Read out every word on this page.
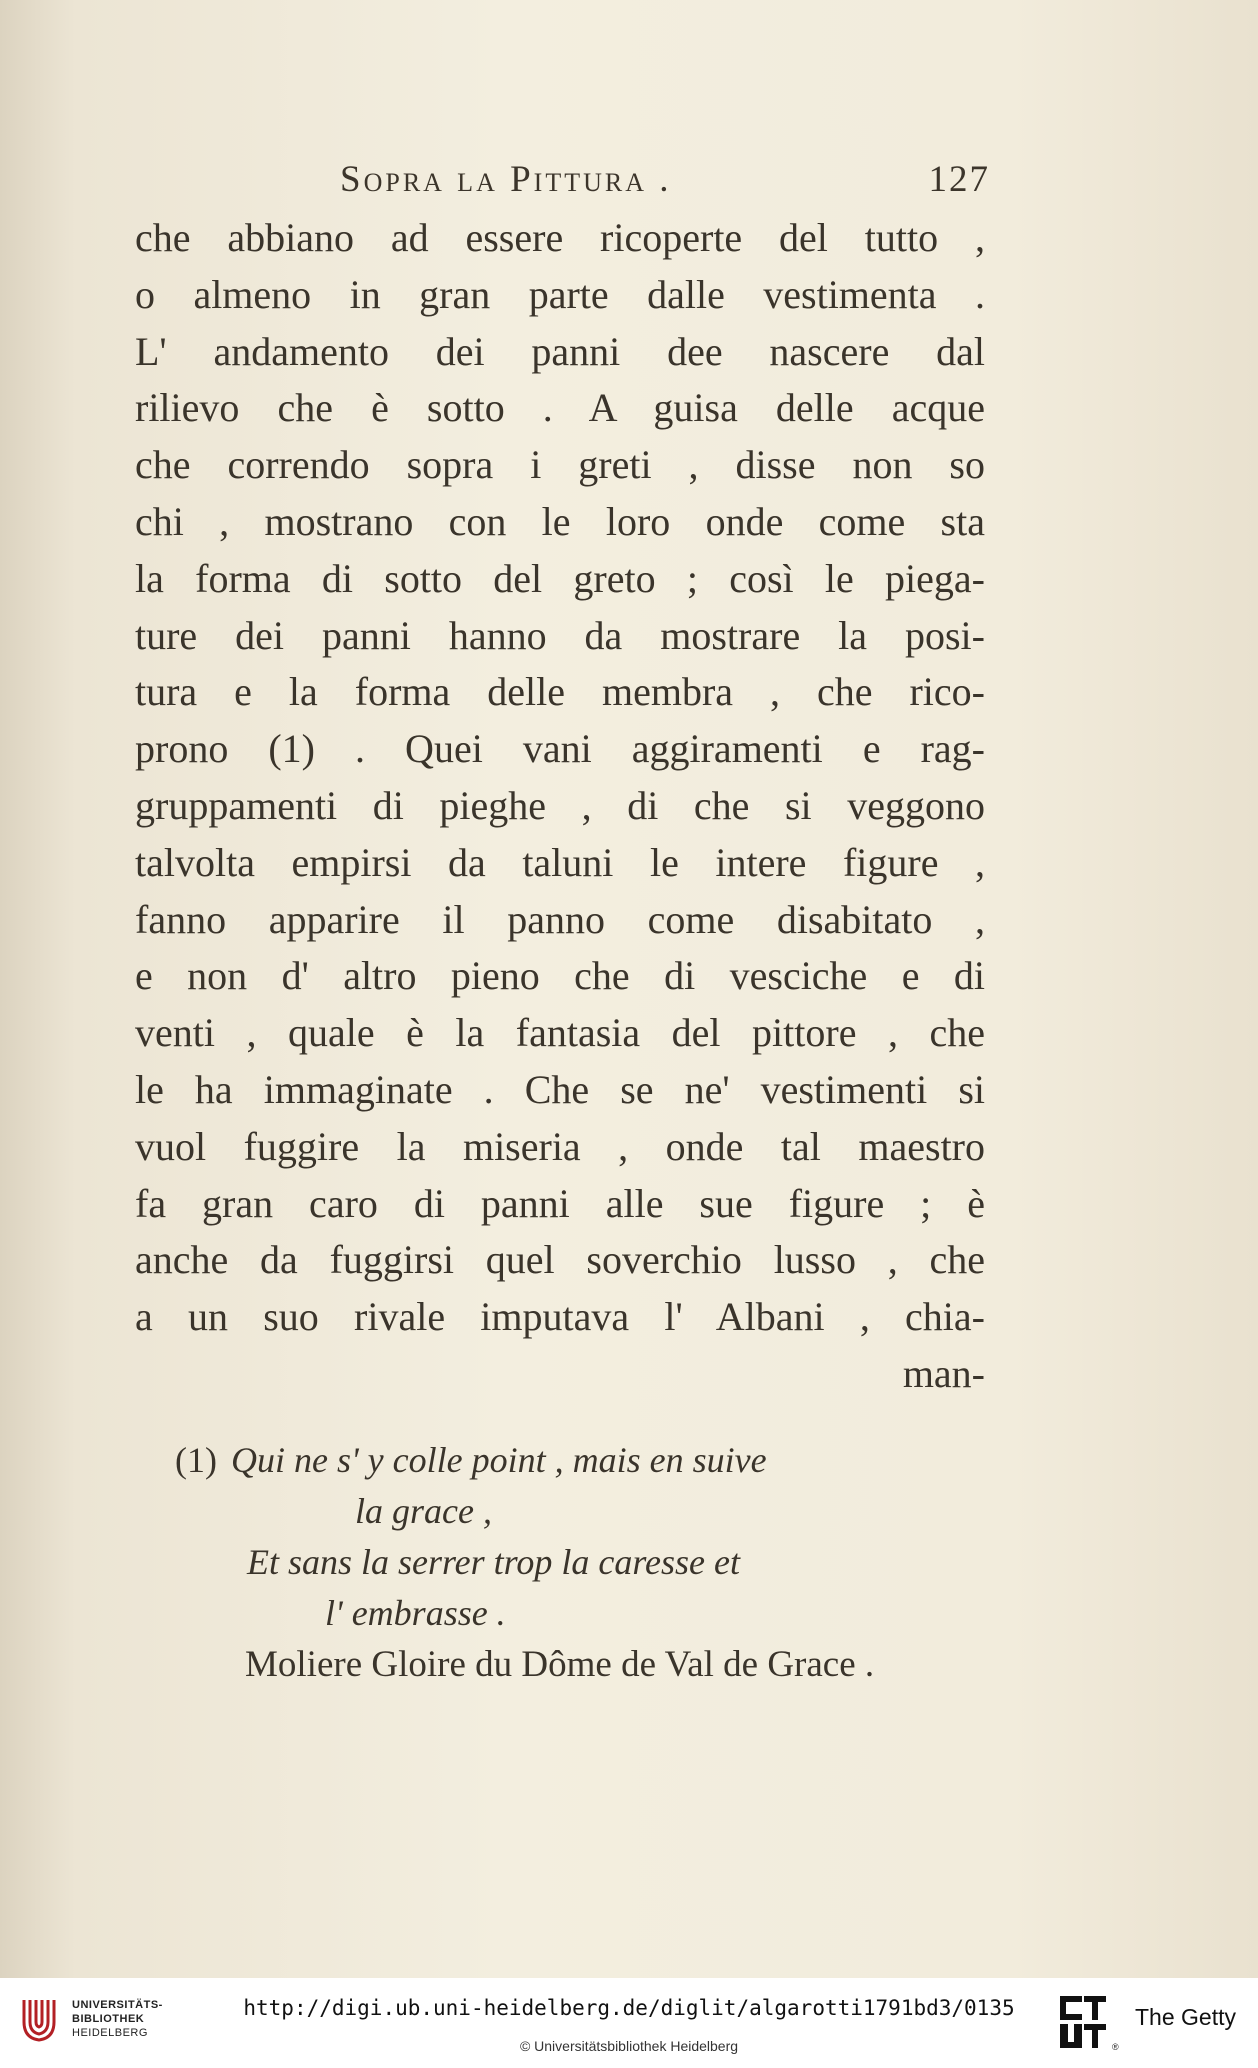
Sopra la Pittura .	127
che abbiano ad essere ricoperte del tutto ,
o almeno in gran parte dalle vestimenta .
L' andamento dei panni dee nascere dal
rilievo che è sotto . A guisa delle acque
che correndo sopra i greti , disse non so
chi , mostrano con le loro onde come sta
la forma di sotto del greto ; così le piega-
ture dei panni hanno da mostrare la posi-
tura e la forma delle membra , che rico-
prono (1) . Quei vani aggiramenti e rag-
gruppamenti di pieghe , di che si veggono
talvolta empirsi da taluni le intere figure ,
fanno apparire il panno come disabitato ,
e non d' altro pieno che di vesciche e di
venti , quale è la fantasia del pittore , che
le ha immaginate . Che se ne' vestimenti si
vuol fuggire la miseria , onde tal maestro
fa gran caro di panni alle sue figure ; è
anche da fuggirsi quel soverchio lusso , che
a un suo rivale imputava l' Albani , chia-
man-
(1) Qui ne s' y colle point , mais en suive
la grace ,
Et sans la serrer trop la caresse et
l' embrasse .
Moliere Gloire du Dôme de Val de Grace .
UNIVERSITÄTS-
BIBLIOTHEK
HEIDELBERG
http://digi.ub.uni-heidelberg.de/diglit/algarotti1791bd3/0135
© Universitätsbibliothek Heidelberg	®
The Getty
